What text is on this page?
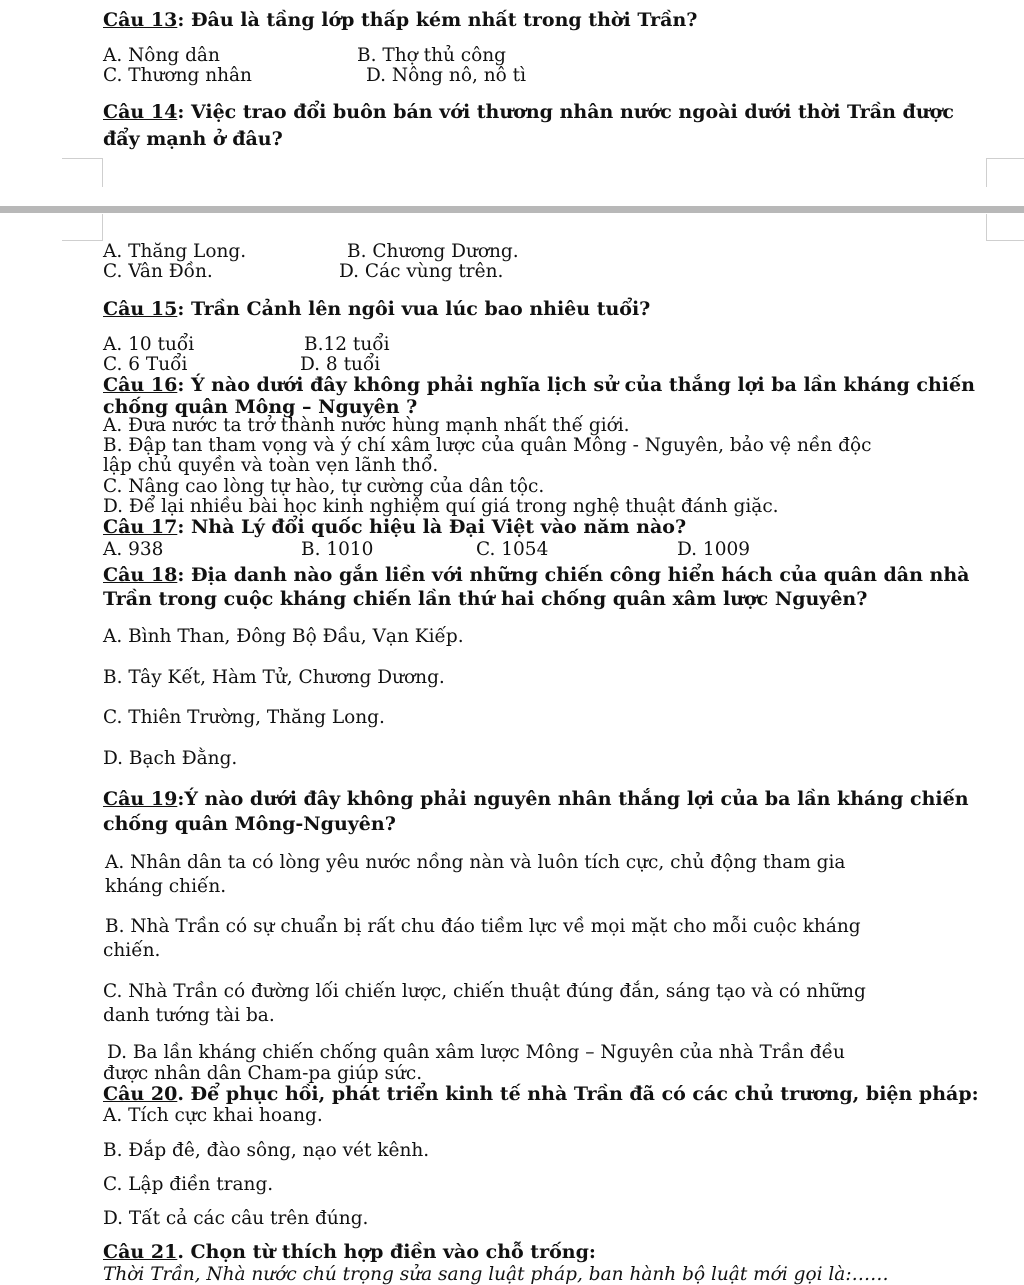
Câu 13: Đâu là tầng lớp thấp kém nhất trong thời Trần?
A. Nông dân	B. Thợ thủ công
C. Thương nhân	D. Nông nô, nô tì
Câu 14: Việc trao đổi buôn bán với thương nhân nước ngoài dưới thời Trần được
đẩy mạnh ở đâu?
A. Thăng Long.	B. Chương Dương.
C. Vân Đồn.	D. Các vùng trên.
Câu 15: Trần Cảnh lên ngôi vua lúc bao nhiêu tuổi?
A. 10 tuổi	B.12 tuổi
C. 6 Tuổi	D. 8 tuổi
Câu 16: Ý nào dưới đây không phải nghĩa lịch sử của thắng lợi ba lần kháng chiến
chống quân Mông – Nguyên ?
A. Đưa nước ta trở thành nước hùng mạnh nhất thế giới.
B. Đập tan tham vọng và ý chí xâm lược của quân Mông - Nguyên, bảo vệ nền độc
lập chủ quyền và toàn vẹn lãnh thổ.
C. Nâng cao lòng tự hào, tự cường của dân tộc.
D. Để lại nhiều bài học kinh nghiệm quí giá trong nghệ thuật đánh giặc.
Câu 17: Nhà Lý đổi quốc hiệu là Đại Việt vào năm nào?
A. 938	B. 1010	C. 1054	D. 1009
Câu 18: Địa danh nào gắn liền với những chiến công hiển hách của quân dân nhà
Trần trong cuộc kháng chiến lần thứ hai chống quân xâm lược Nguyên?
A. Bình Than, Đông Bộ Đầu, Vạn Kiếp.
B. Tây Kết, Hàm Tử, Chương Dương.
C. Thiên Trường, Thăng Long.
D. Bạch Đằng.
Câu 19:Ý nào dưới đây không phải nguyên nhân thắng lợi của ba lần kháng chiến
chống quân Mông-Nguyên?
A. Nhân dân ta có lòng yêu nước nồng nàn và luôn tích cực, chủ động tham gia
kháng chiến.
B. Nhà Trần có sự chuẩn bị rất chu đáo tiềm lực về mọi mặt cho mỗi cuộc kháng
chiến.
C. Nhà Trần có đường lối chiến lược, chiến thuật đúng đắn, sáng tạo và có những
danh tướng tài ba.
D. Ba lần kháng chiến chống quân xâm lược Mông – Nguyên của nhà Trần đều
được nhân dân Cham-pa giúp sức.
Câu 20. Để phục hồi, phát triển kinh tế nhà Trần đã có các chủ trương, biện pháp:
A. Tích cực khai hoang.
B. Đắp đê, đào sông, nạo vét kênh.
C. Lập điền trang.
D. Tất cả các câu trên đúng.
Câu 21. Chọn từ thích hợp điền vào chỗ trống:
Thời Trần, Nhà nước chú trọng sửa sang luật pháp, ban hành bộ luật mới gọi là:……
